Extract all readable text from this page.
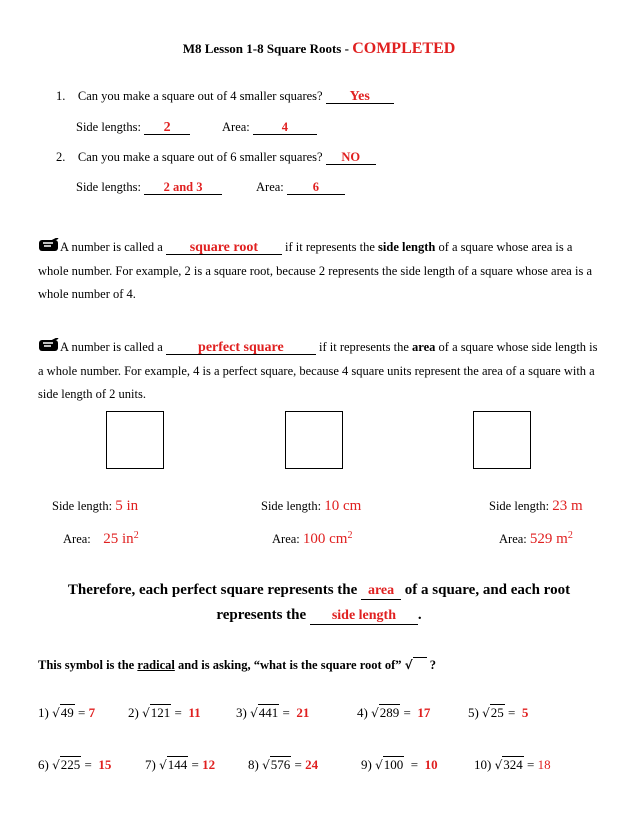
M8 Lesson 1-8 Square Roots - COMPLETED
1. Can you make a square out of 4 smaller squares? Yes
Side lengths: 2	Area:	4
2. Can you make a square out of 6 smaller squares? NO
Side lengths: 2 and 3	Area: 6
A number is called a square root if it represents the side length of a square whose area is a whole number. For example, 2 is a square root, because 2 represents the side length of a square whose area is a whole number of 4.
A number is called a perfect square	if it represents the area of a square whose side length is a whole number. For example, 4 is a perfect square, because 4 square units represent the area of a square with a side length of 2 units.
Side length: 5 in	Side length: 10 cm	Side length: 23 m
Area: 25 $in^2$	Area: 100 $cm^2$	Area: 529 $m^2$
Therefore, each perfect square represents the area of a square, and each root
represents the side length .
This symbol is the radical and is asking, “what is the square root of” √  ?
1) √49 = 7	2) √121 = 11	3) √441 = 21	4) √289 = 17	5) √25 = 5
6) √225 = 15	7) √144 = 12	8) √576 = 24	9) √100 = 10	10) √324 = 18
